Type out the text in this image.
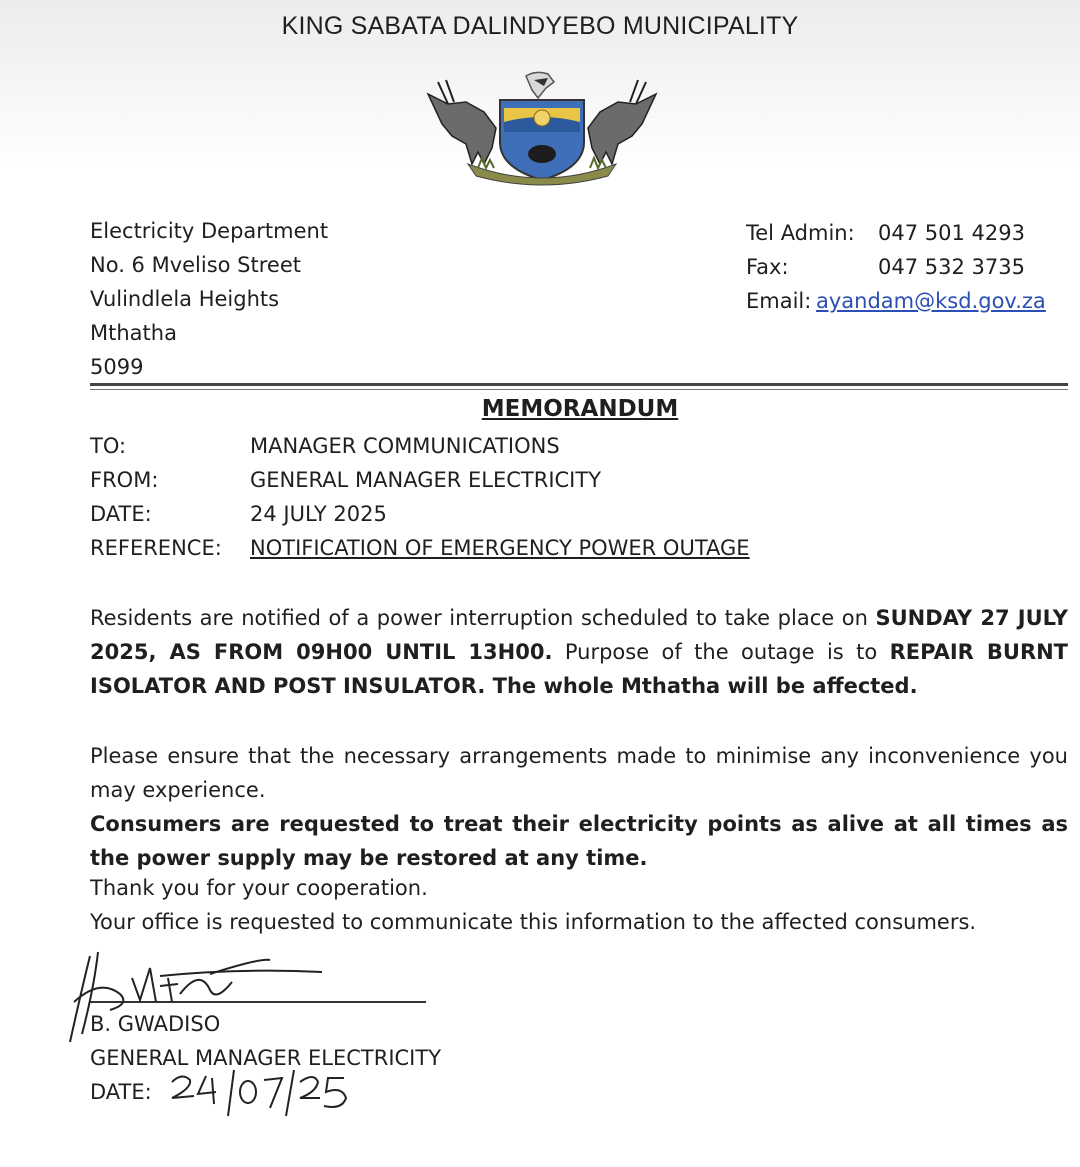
KING SABATA DALINDYEBO MUNICIPALITY
Electricity Department
No. 6 Mveliso Street
Vulindlela Heights
Mthatha
5099
Tel Admin:	047 501 4293
Fax:	047 532 3735
Email: ayandam@ksd.gov.za
MEMORANDUM
TO:	MANAGER COMMUNICATIONS
FROM:	GENERAL MANAGER ELECTRICITY
DATE:	24 JULY 2025
REFERENCE: NOTIFICATION OF EMERGENCY POWER OUTAGE
Residents are notified of a power interruption scheduled to take place on SUNDAY 27 JULY 2025, AS FROM 09H00 UNTIL 13H00. Purpose of the outage is to REPAIR BURNT ISOLATOR AND POST INSULATOR. The whole Mthatha will be affected.
Please ensure that the necessary arrangements made to minimise any inconvenience you may experience.
Consumers are requested to treat their electricity points as alive at all times as the power supply may be restored at any time.
Thank you for your cooperation.
Your office is requested to communicate this information to the affected consumers.
B. GWADISO
GENERAL MANAGER ELECTRICITY
DATE:
